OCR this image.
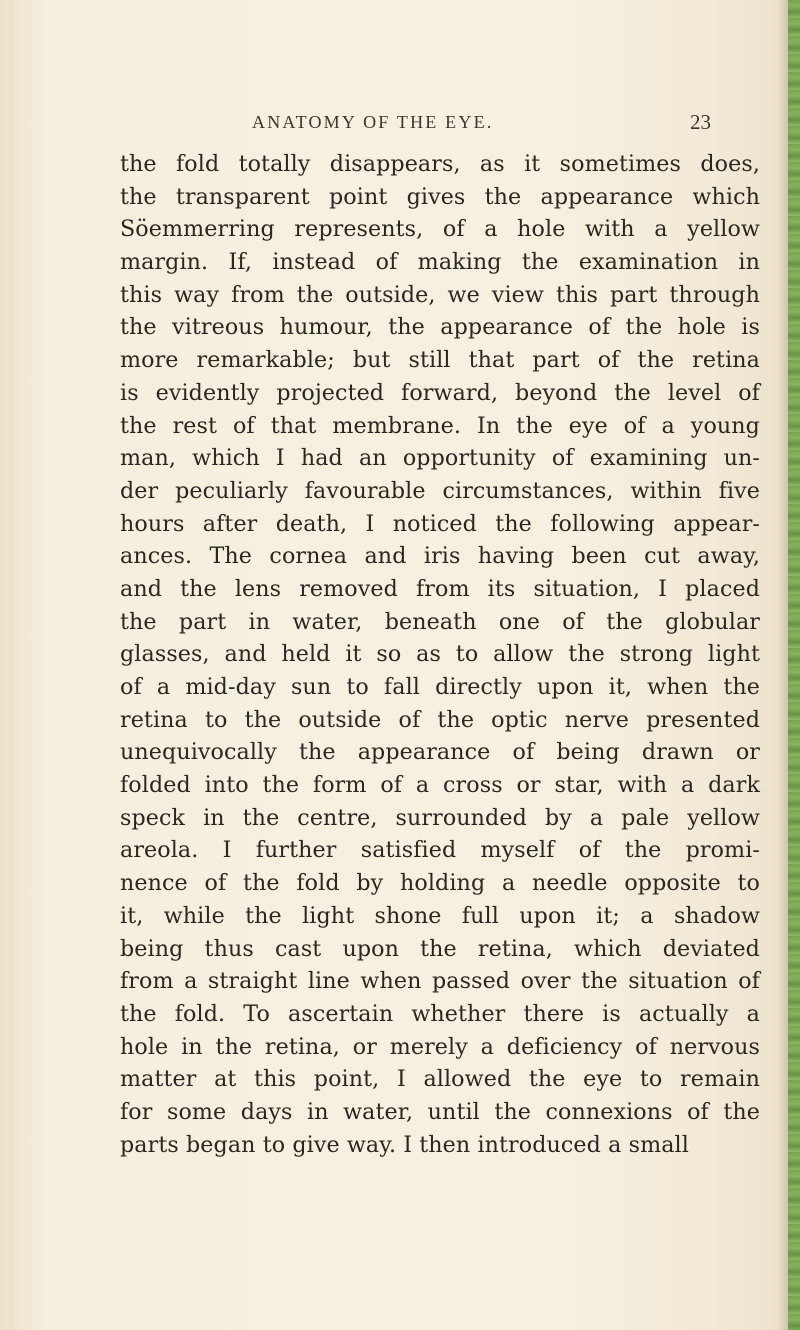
ANATOMY OF THE EYE.	23
the fold totally disappears, as it sometimes does,
the transparent point gives the appearance which
Söemmerring represents, of a hole with a yellow
margin. If, instead of making the examination in
this way from the outside, we view this part through
the vitreous humour, the appearance of the hole is
more remarkable; but still that part of the retina
is evidently projected forward, beyond the level of
the rest of that membrane. In the eye of a young
man, which I had an opportunity of examining un-
der peculiarly favourable circumstances, within five
hours after death, I noticed the following appear-
ances. The cornea and iris having been cut away,
and the lens removed from its situation, I placed
the part in water, beneath one of the globular
glasses, and held it so as to allow the strong light
of a mid-day sun to fall directly upon it, when the
retina to the outside of the optic nerve presented
unequivocally the appearance of being drawn or
folded into the form of a cross or star, with a dark
speck in the centre, surrounded by a pale yellow
areola. I further satisfied myself of the promi-
nence of the fold by holding a needle opposite to
it, while the light shone full upon it; a shadow
being thus cast upon the retina, which deviated
from a straight line when passed over the situation of
the fold. To ascertain whether there is actually a
hole in the retina, or merely a deficiency of nervous
matter at this point, I allowed the eye to remain
for some days in water, until the connexions of the
parts began to give way. I then introduced a small
